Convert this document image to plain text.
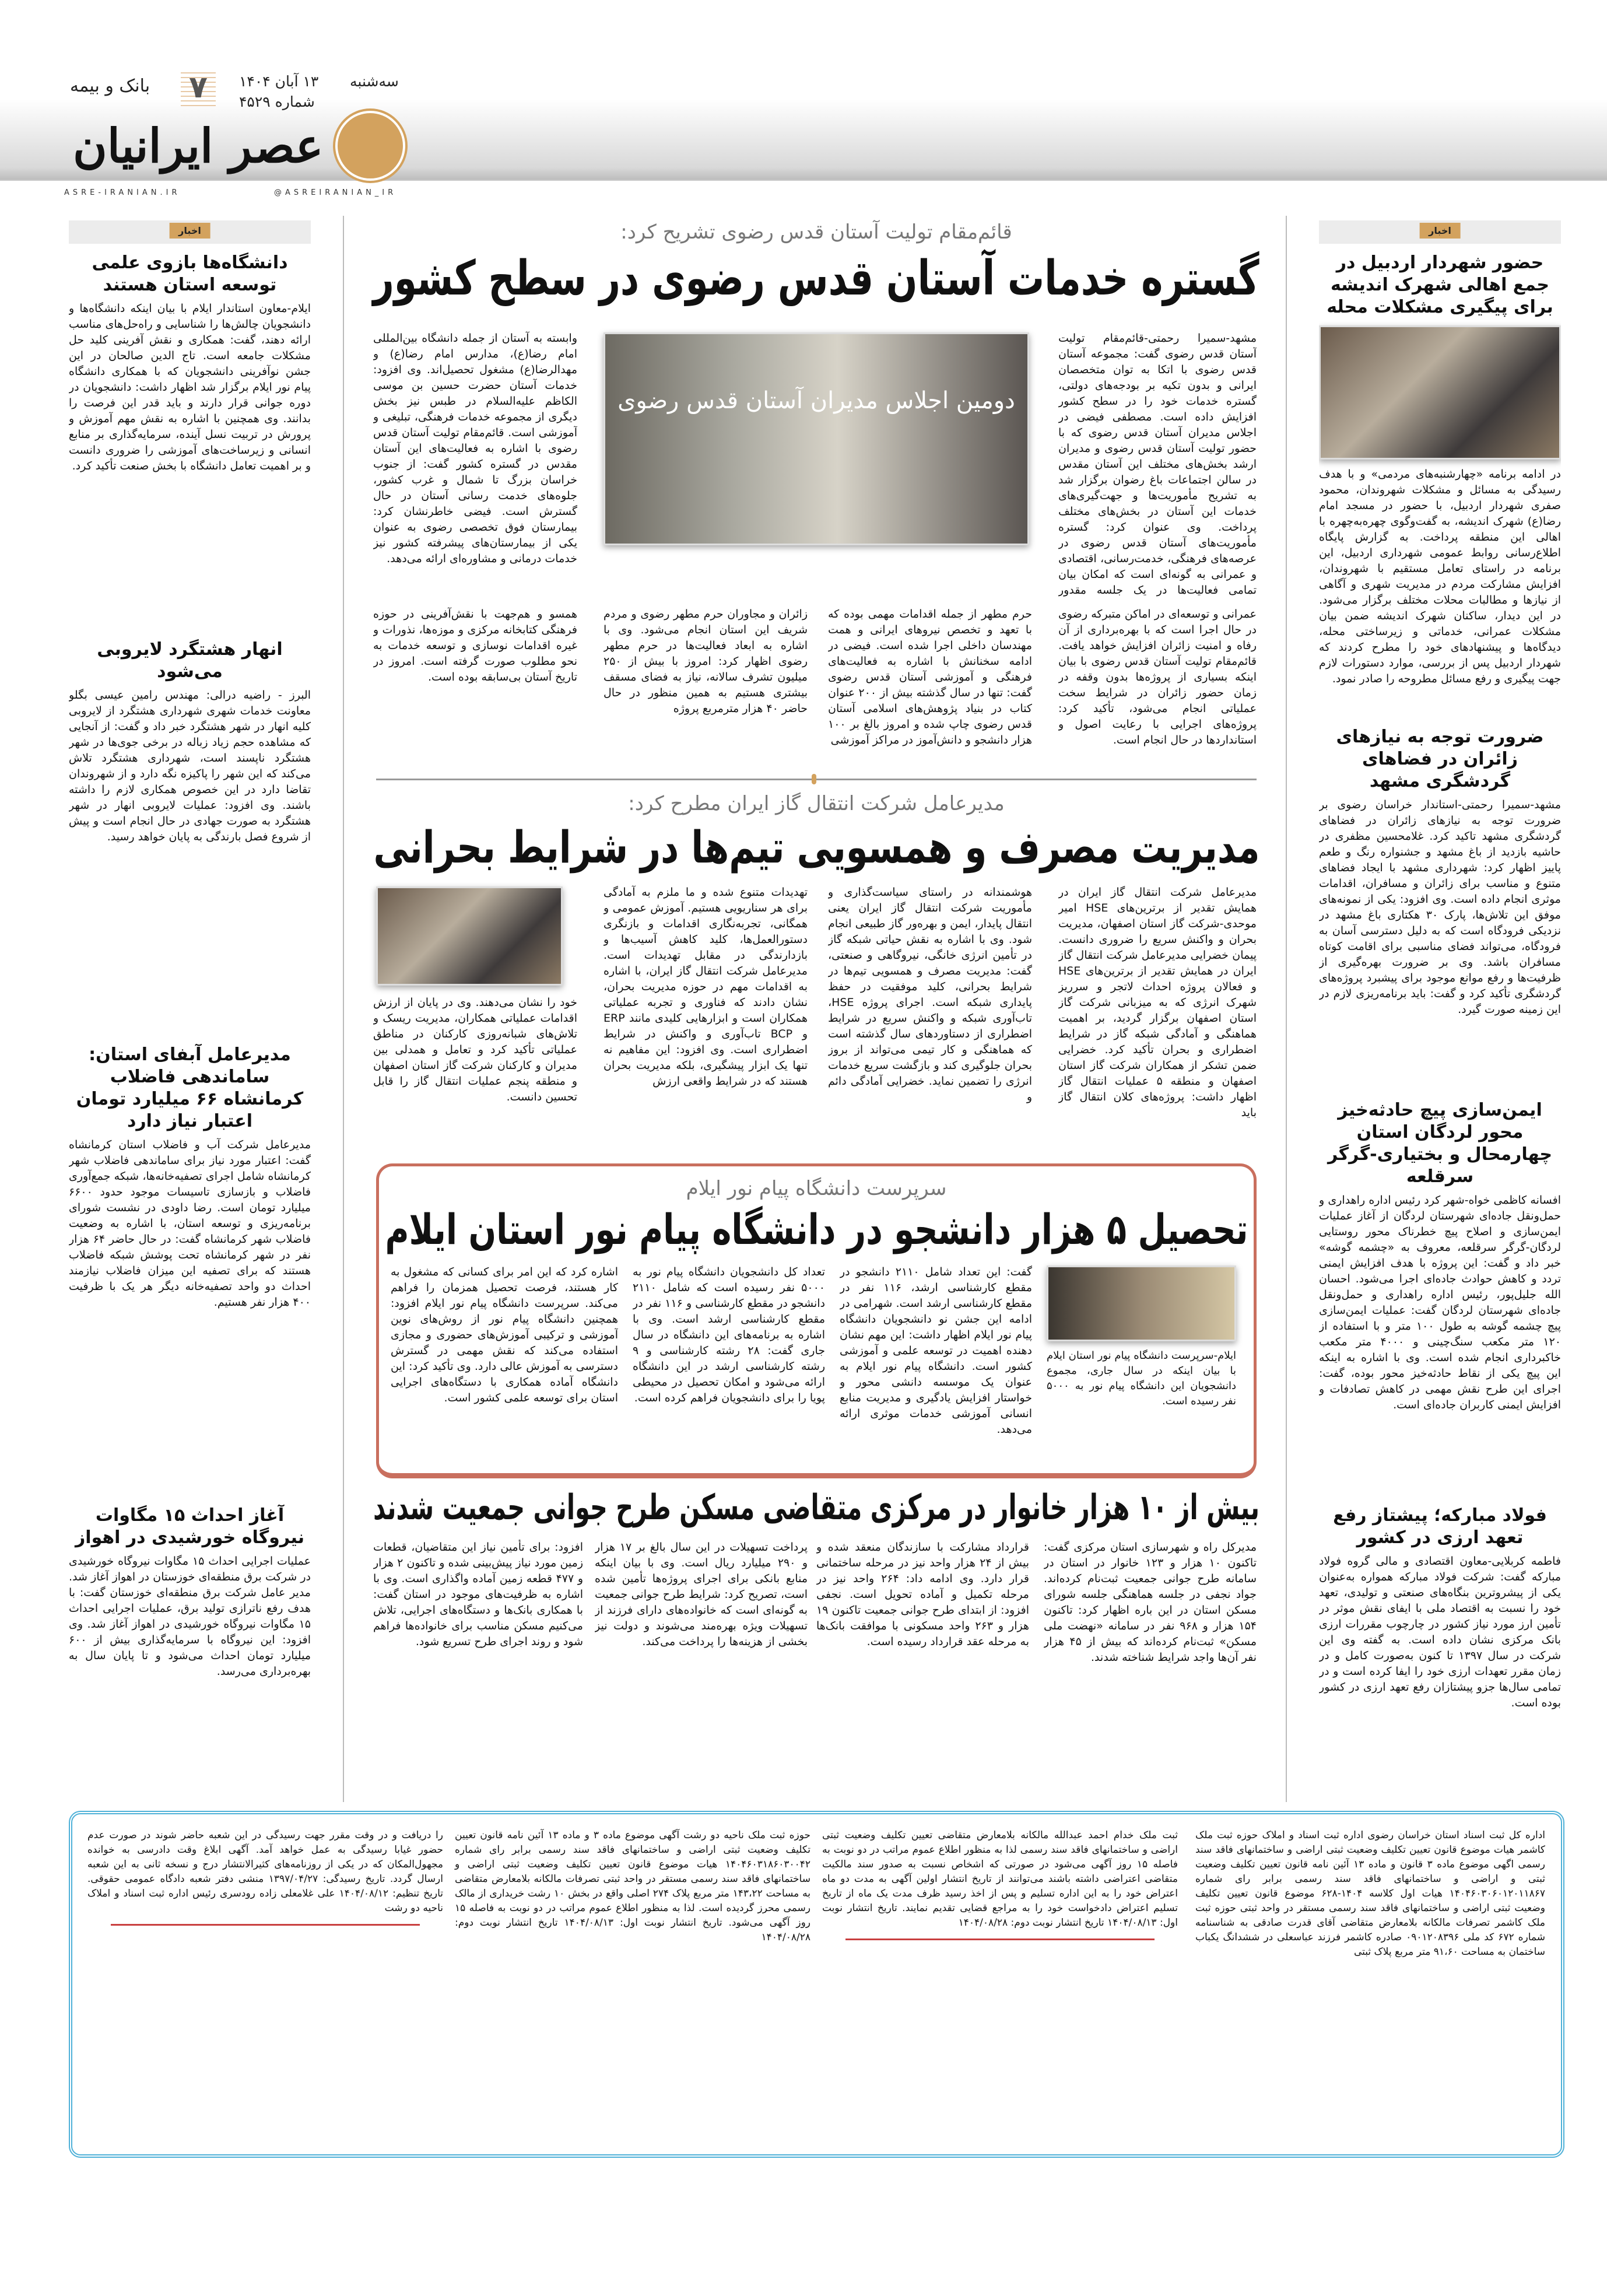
عصر ایرانیان
سه‌شنبه
۱۳ آبان ۱۴۰۴
شماره ۴۵۲۹
۷
بانک و بیمه
ASRE-IRANIAN.IR	@ASREIRANIAN_IR
اخبار
دانشگاه‌ها بازوی علمی توسعه استان هستند
ایلام-معاون استاندار ایلام با بیان اینکه دانشگاه‌ها و دانشجویان چالش‌ها را شناسایی و راه‌حل‌های مناسب ارائه دهند، گفت: همکاری و نقش آفرینی کلید حل مشکلات جامعه است. تاج الدین صالحان در این جشن نوآفرینی دانشجویان که با همکاری دانشگاه پیام نور ایلام برگزار شد اظهار داشت: دانشجویان در دوره جوانی قرار دارند و باید قدر این فرصت را بدانند. وی همچنین با اشاره به نقش مهم آموزش و پرورش در تربیت نسل آینده، سرمایه‌گذاری بر منابع انسانی و زیرساخت‌های آموزشی را ضروری دانست و بر اهمیت تعامل دانشگاه با بخش صنعت تأکید کرد.
انهار هشتگرد لایروبی می‌شود
البرز - راضیه درالی: مهندس رامین عیسی بگلو معاونت خدمات شهری شهرداری هشتگرد از لایروبی کلیه انهار در شهر هشتگرد خبر داد و گفت: از آنجایی که مشاهده حجم زیاد زباله در برخی جوی‌ها در شهر هشتگرد ناپسند است، شهرداری هشتگرد تلاش می‌کند که این شهر را پاکیزه نگه دارد و از شهروندان تقاضا دارد در این خصوص همکاری لازم را داشته باشند. وی افزود: عملیات لایروبی انهار در شهر هشتگرد به صورت جهادی در حال انجام است و پیش از شروع فصل بارندگی به پایان خواهد رسید.
مدیرعامل آبفای استان: ساماندهی فاضلاب کرمانشاه ۶۶ میلیارد تومان اعتبار نیاز دارد
مدیرعامل شرکت آب و فاضلاب استان کرمانشاه گفت: اعتبار مورد نیاز برای ساماندهی فاضلاب شهر کرمانشاه شامل اجرای تصفیه‌خانه‌ها، شبکه جمع‌آوری فاضلاب و بازسازی تاسیسات موجود حدود ۶۶۰۰ میلیارد تومان است. رضا داودی در نشست شورای برنامه‌ریزی و توسعه استان، با اشاره به وضعیت فاضلاب شهر کرمانشاه گفت: در حال حاضر ۶۴ هزار نفر در شهر کرمانشاه تحت پوشش شبکه فاضلاب هستند که برای تصفیه این میزان فاضلاب نیازمند احداث دو واحد تصفیه‌خانه دیگر هر یک با ظرفیت ۴۰۰ هزار نفر هستیم.
آغاز احداث ۱۵ مگاوات نیروگاه خورشیدی در اهواز
عملیات اجرایی احداث ۱۵ مگاوات نیروگاه خورشیدی در شرکت برق منطقه‌ای خوزستان در اهواز آغاز شد. مدیر عامل شرکت برق منطقه‌ای خوزستان گفت: با هدف رفع ناترازی تولید برق، عملیات اجرایی احداث ۱۵ مگاوات نیروگاه خورشیدی در اهواز آغاز شد. وی افزود: این نیروگاه با سرمایه‌گذاری بیش از ۶۰۰ میلیارد تومان احداث می‌شود و تا پایان سال به بهره‌برداری می‌رسد.
اخبار
حضور شهردار اردبیل در جمع اهالی شهرک اندیشه برای پیگیری مشکلات محله
در ادامه برنامه «چهارشنبه‌های مردمی» و با هدف رسیدگی به مسائل و مشکلات شهروندان، محمود صفری شهردار اردبیل، با حضور در مسجد امام رضا(ع) شهرک اندیشه، به گفت‌وگوی چهره‌به‌چهره با اهالی این منطقه پرداخت. به گزارش پایگاه اطلاع‌رسانی روابط عمومی شهرداری اردبیل، این برنامه در راستای تعامل مستقیم با شهروندان، افزایش مشارکت مردم در مدیریت شهری و آگاهی از نیازها و مطالبات محلات مختلف برگزار می‌شود. در این دیدار، ساکنان شهرک اندیشه ضمن بیان مشکلات عمرانی، خدماتی و زیرساختی محله، دیدگاه‌ها و پیشنهادهای خود را مطرح کردند که شهردار اردبیل پس از بررسی، موارد دستورات لازم جهت پیگیری و رفع مسائل مطروحه را صادر نمود.
ضرورت توجه به نیازهای زائران در فضاهای گردشگری مشهد
مشهد-سمیرا رحمتی-استاندار خراسان رضوی بر ضرورت توجه به نیازهای زائران در فضاهای گردشگری مشهد تاکید کرد. غلامحسین مظفری در حاشیه بازدید از باغ مشهد و جشنواره رنگ و طعم پاییز اظهار کرد: شهرداری مشهد با ایجاد فضاهای متنوع و مناسب برای زائران و مسافران، اقدامات موثری انجام داده است. وی افزود: یکی از نمونه‌های موفق این تلاش‌ها، پارک ۳۰ هکتاری باغ مشهد در نزدیکی فرودگاه است که به دلیل دسترسی آسان به فرودگاه، می‌تواند فضای مناسبی برای اقامت کوتاه مسافران باشد. وی بر ضرورت بهره‌گیری از ظرفیت‌ها و رفع موانع موجود برای پیشبرد پروژه‌های گردشگری تأکید کرد و گفت: باید برنامه‌ریزی لازم در این زمینه صورت گیرد.
ایمن‌سازی پیچ حادثه‌خیز محور لردگان استان چهارمحال و بختیاری-گرگر سرقلعه
افسانه کاظمی خواه-شهر کرد رئیس اداره راهداری و حمل‌ونقل جاده‌ای شهرستان لردگان از آغاز عملیات ایمن‌سازی و اصلاح پیچ خطرناک محور روستایی لردگان-گرگر سرقلعه، معروف به «چشمه گوشه» خبر داد و گفت: این پروژه با هدف افزایش ایمنی تردد و کاهش حوادث جاده‌ای اجرا می‌شود. احسان الله جلیل‌پور، رئیس اداره راهداری و حمل‌ونقل جاده‌ای شهرستان لردگان گفت: عملیات ایمن‌سازی پیچ چشمه گوشه به طول ۱۰۰ متر و با استفاده از ۱۲۰ متر مکعب سنگ‌چینی و ۴۰۰۰ متر مکعب خاکبرداری انجام شده است. وی با اشاره به اینکه این پیچ یکی از نقاط حادثه‌خیز محور بوده، گفت: اجرای این طرح نقش مهمی در کاهش تصادفات و افزایش ایمنی کاربران جاده‌ای است.
فولاد مبارکه؛ پیشتاز رفع تعهد ارزی در کشور
فاطمه کربلایی-معاون اقتصادی و مالی گروه فولاد مبارکه گفت: شرکت فولاد مبارکه همواره به‌عنوان یکی از پیشروترین بنگاه‌های صنعتی و تولیدی، تعهد خود را نسبت به اقتصاد ملی با ایفای نقش موثر در تأمین ارز مورد نیاز کشور در چارچوب مقررات ارزی بانک مرکزی نشان داده است. به گفته وی این شرکت در سال ۱۳۹۷ تا کنون به‌صورت کامل و در زمان مقرر تعهدات ارزی خود را ایفا کرده است و در تمامی سال‌ها جزو پیشتازان رفع تعهد ارزی در کشور بوده است.
قائم‌مقام تولیت آستان قدس رضوی تشریح کرد:
گستره خدمات آستان قدس رضوی در سطح کشور
مشهد-سمیرا رحمتی-قائم‌مقام تولیت آستان قدس رضوی گفت: مجموعه آستان قدس رضوی با اتکا به توان متخصصان ایرانی و بدون تکیه بر بودجه‌های دولتی، گستره خدمات خود را در سطح کشور افزایش داده است. مصطفی فیضی در اجلاس مدیران آستان قدس رضوی که با حضور تولیت آستان قدس رضوی و مدیران ارشد بخش‌های مختلف این آستان مقدس در سالن اجتماعات باغ رضوان برگزار شد به تشریح مأموریت‌ها و جهت‌گیری‌های خدمات این آستان در بخش‌های مختلف پرداخت. وی عنوان کرد: گستره مأموریت‌های آستان قدس رضوی در عرصه‌های فرهنگی، خدمت‌رسانی، اقتصادی و عمرانی به گونه‌ای است که امکان بیان تمامی فعالیت‌ها در یک جلسه مقدور
دومین اجلاس مدیران آستان قدس رضوی
وابسته به آستان از جمله دانشگاه بین‌المللی امام رضا(ع)، مدارس امام رضا(ع) و مهدالرضا(ع) مشغول تحصیل‌اند. وی افزود: خدمات آستان حضرت حسین بن موسی الکاظم علیه‌السلام در طبس نیز بخش دیگری از مجموعه خدمات فرهنگی، تبلیغی و آموزشی است. قائم‌مقام تولیت آستان قدس رضوی با اشاره به فعالیت‌های این آستان مقدس در گستره کشور گفت: از جنوب خراسان بزرگ تا شمال و غرب کشور، جلوه‌های خدمت رسانی آستان در حال گسترش است. فیضی خاطرنشان کرد: بیمارستان فوق تخصصی رضوی به عنوان یکی از بیمارستان‌های پیشرفته کشور نیز خدمات درمانی و مشاوره‌ای ارائه می‌دهد.
عمرانی و توسعه‌ای در اماکن متبرکه رضوی در حال اجرا است که با بهره‌برداری از آن رفاه و امنیت زائران افزایش خواهد یافت. قائم‌مقام تولیت آستان قدس رضوی با بیان اینکه بسیاری از پروژه‌ها بدون وقفه در زمان حضور زائران در شرایط سخت عملیاتی انجام می‌شود، تأکید کرد: پروژه‌های اجرایی با رعایت اصول و استانداردها در حال انجام است.
حرم مطهر از جمله اقدامات مهمی بوده که با تعهد و تخصص نیروهای ایرانی و همت مهندسان داخلی اجرا شده است. فیضی در ادامه سخنانش با اشاره به فعالیت‌های فرهنگی و آموزشی آستان قدس رضوی گفت: تنها در سال گذشته بیش از ۲۰۰ عنوان کتاب در بنیاد پژوهش‌های اسلامی آستان قدس رضوی چاپ شده و امروز بالغ بر ۱۰۰ هزار دانشجو و دانش‌آموز در مراکز آموزشی
زائران و مجاوران حرم مطهر رضوی و مردم شریف این استان انجام می‌شود. وی با اشاره به ابعاد فعالیت‌ها در حرم مطهر رضوی اظهار کرد: امروز با بیش از ۲۵۰ میلیون تشرف سالانه، نیاز به فضای مسقف بیشتری هستیم به همین منظور در حال حاضر ۴۰ هزار مترمربع پروژه
همسو و هم‌جهت با نقش‌آفرینی در حوزه فرهنگی کتابخانه مرکزی و موزه‌ها، نذورات و غیره اقدامات نوسازی و توسعه خدمات به نحو مطلوب صورت گرفته است. امروز در تاریخ آستان بی‌سابقه بوده است.
مدیرعامل شرکت انتقال گاز ایران مطرح کرد:
مدیریت مصرف و همسویی تیم‌ها در شرایط بحرانی
مدیرعامل شرکت انتقال گاز ایران در همایش تقدیر از برترین‌های HSE امیر موحدی-شرکت گاز استان اصفهان، مدیریت بحران و واکنش سریع را ضروری دانست. پیمان خضرایی مدیرعامل شرکت انتقال گاز ایران در همایش تقدیر از برترین‌های HSE و فعالان پروژه احداث لاتجر و سرریز شهرک انرژی که به میزبانی شرکت گاز استان اصفهان برگزار گردید، بر اهمیت هماهنگی و آمادگی شبکه گاز در شرایط اضطراری و بحران تأکید کرد. خضرایی ضمن تشکر از همکاران شرکت گاز استان اصفهان و منطقه ۵ عملیات انتقال گاز اظهار داشت: پروژه‌های کلان انتقال گاز باید
هوشمندانه در راستای سیاست‌گذاری و مأموریت شرکت انتقال گاز ایران یعنی انتقال پایدار، ایمن و بهره‌ور گاز طبیعی انجام شود. وی با اشاره به نقش حیاتی شبکه گاز در تأمین انرژی خانگی، نیروگاهی و صنعتی، گفت: مدیریت مصرف و همسویی تیم‌ها در شرایط بحرانی، کلید موفقیت در حفظ پایداری شبکه است. اجرای پروژه HSE، تاب‌آوری شبکه و واکنش سریع در شرایط اضطراری از دستاوردهای سال گذشته است که هماهنگی و کار تیمی می‌تواند از بروز بحران جلوگیری کند و بازگشت سریع خدمات انرژی را تضمین نماید. خضرایی آمادگی دائم و
تهدیدات متنوع شده و ما ملزم به آمادگی برای هر سناریویی هستیم. آموزش عمومی و همگانی، تجربه‌نگاری اقدامات و بازنگری دستورالعمل‌ها، کلید کاهش آسیب‌ها و بازدارندگی در مقابل تهدیدات است. مدیرعامل شرکت انتقال گاز ایران، با اشاره به اقدامات مهم در حوزه مدیریت بحران، نشان دادند که فناوری و تجربه عملیاتی همکاران است و ابزارهایی کلیدی مانند ERP و BCP تاب‌آوری و واکنش در شرایط اضطراری است. وی افزود: این مفاهیم نه تنها یک ابزار پیشگیری، بلکه مدیریت بحران هستند که در شرایط واقعی ارزش
خود را نشان می‌دهند. وی در پایان از ارزش اقدامات عملیاتی همکاران، مدیریت ریسک و تلاش‌های شبانه‌روزی کارکنان در مناطق عملیاتی تأکید کرد و تعامل و همدلی بین مدیران و کارکنان شرکت گاز استان اصفهان و منطقه پنجم عملیات انتقال گاز را قابل تحسین دانست.
سرپرست دانشگاه پیام نور ایلام
تحصیل ۵ هزار دانشجو در دانشگاه پیام نور استان ایلام
ایلام-سرپرست دانشگاه پیام نور استان ایلام با بیان اینکه در سال جاری، مجموع دانشجویان این دانشگاه پیام نور به ۵۰۰۰ نفر رسیده است.
گفت: این تعداد شامل ۲۱۱۰ دانشجو در مقطع کارشناسی ارشد، ۱۱۶ نفر در مقطع کارشناسی ارشد است. شهرامی در ادامه این جشن نو دانشجویان دانشگاه پیام نور ایلام اظهار داشت: این مهم نشان دهنده اهمیت در توسعه علمی و آموزشی کشور است. دانشگاه پیام نور ایلام به عنوان یک موسسه دانشی محور و خواستار افزایش یادگیری و مدیریت منابع انسانی آموزشی خدمات موثری ارائه می‌دهد.
تعداد کل دانشجویان دانشگاه پیام نور به ۵۰۰۰ نفر رسیده است که شامل ۲۱۱۰ دانشجو در مقطع کارشناسی و ۱۱۶ نفر در مقطع کارشناسی ارشد است. وی با اشاره به برنامه‌های این دانشگاه در سال جاری گفت: ۲۸ رشته کارشناسی و ۹ رشته کارشناسی ارشد در این دانشگاه ارائه می‌شود و امکان تحصیل در محیطی پویا را برای دانشجویان فراهم کرده است.
اشاره کرد که این امر برای کسانی که مشغول به کار هستند، فرصت تحصیل همزمان را فراهم می‌کند. سرپرست دانشگاه پیام نور ایلام افزود: همچنین دانشگاه پیام نور از روش‌های نوین آموزشی و ترکیبی آموزش‌های حضوری و مجازی استفاده می‌کند که نقش مهمی در گسترش دسترسی به آموزش عالی دارد. وی تأکید کرد: این دانشگاه آماده همکاری با دستگاه‌های اجرایی استان برای توسعه علمی کشور است.
بیش از ۱۰ هزار خانوار در مرکزی متقاضی مسکن طرح جوانی جمعیت شدند
مدیرکل راه و شهرسازی استان مرکزی گفت: تاکنون ۱۰ هزار و ۱۲۳ خانوار در استان در سامانه طرح جوانی جمعیت ثبت‌نام کرده‌اند. جواد نجفی در جلسه هماهنگی جلسه شورای مسکن استان در این باره اظهار کرد: تاکنون ۱۵۴ هزار و ۹۶۸ نفر در سامانه «نهضت ملی مسکن» ثبت‌نام کرده‌اند که بیش از ۴۵ هزار نفر آن‌ها واجد شرایط شناخته شدند.
قرارداد مشارکت با سازندگان منعقد شده و بیش از ۲۴ هزار واحد نیز در مرحله ساختمانی قرار دارد. وی ادامه داد: ۲۶۴ واحد نیز در مرحله تکمیل و آماده تحویل است. نجفی افزود: از ابتدای طرح جوانی جمعیت تاکنون ۱۹ هزار و ۲۶۳ واحد مسکونی با موافقت بانک‌ها به مرحله عقد قرارداد رسیده است.
پرداخت تسهیلات در این سال بالغ بر ۱۷ هزار و ۲۹۰ میلیارد ریال است. وی با بیان اینکه منابع بانکی برای اجرای پروژه‌ها تأمین شده است، تصریح کرد: شرایط طرح جوانی جمعیت به گونه‌ای است که خانواده‌های دارای فرزند از تسهیلات ویژه بهره‌مند می‌شوند و دولت نیز بخشی از هزینه‌ها را پرداخت می‌کند.
افزود: برای تأمین نیاز این متقاضیان، قطعات زمین مورد نیاز پیش‌بینی شده و تاکنون ۲ هزار و ۴۷۷ قطعه زمین آماده واگذاری است. وی با اشاره به ظرفیت‌های موجود در استان گفت: با همکاری بانک‌ها و دستگاه‌های اجرایی، تلاش می‌کنیم مسکن مناسب برای خانواده‌ها فراهم شود و روند اجرای طرح تسریع شود.
اداره کل ثبت اسناد استان خراسان رضوی اداره ثبت اسناد و املاک حوزه ثبت ملک کاشمر هیات موضوع قانون تعیین تکلیف وضعیت ثبتی اراضی و ساختمانهای فاقد سند رسمی اگهی موضوع ماده ۳ قانون و ماده ۱۳ آئین نامه قانون تعیین تکلیف وضعیت ثبتی و اراضی و ساختمانهای فاقد سند رسمی برابر رای شماره ۱۴۰۴۶۰۳۰۶۰۱۲۰۱۱۸۶۷ هیات اول کلاسه ۱۴۰۴-۶۲۸ موضوع قانون تعیین تکلیف وضعیت ثبتی اراضی و ساختمانهای فاقد سند رسمی مستقر در واحد ثبتی حوزه ثبت ملک کاشمر تصرفات مالکانه بلامعارض متقاضی آقای قدرت صادقی به شناسنامه شماره ۶۷۲ کد ملی ۰۹۰۱۲۰۸۳۹۶ صادره کاشمر فرزند عباسعلی در ششدانگ یکباب ساختمان به مساحت ۹۱،۶۰ متر مربع پلاک ثبتی
ثبت ملک خدام احمد عبدالله مالکانه بلامعارض متقاضی تعیین تکلیف وضعیت ثبتی اراضی و ساختمانهای فاقد سند رسمی لذا به منظور اطلاع عموم مراتب در دو نوبت به فاصله ۱۵ روز آگهی می‌شود در صورتی که اشخاص نسبت به صدور سند مالکیت متقاضی اعتراضی داشته باشند می‌توانند از تاریخ انتشار اولین آگهی به مدت دو ماه اعتراض خود را به این اداره تسلیم و پس از اخذ رسید ظرف مدت یک ماه از تاریخ تسلیم اعتراض دادخواست خود را به مراجع قضایی تقدیم نمایند. تاریخ انتشار نوبت اول: ۱۴۰۴/۰۸/۱۳ تاریخ انتشار نوبت دوم: ۱۴۰۴/۰۸/۲۸
حوزه ثبت ملک ناحیه دو رشت آگهی موضوع ماده ۳ و ماده ۱۳ آئین نامه قانون تعیین تکلیف وضعیت ثبتی اراضی و ساختمانهای فاقد سند رسمی برابر رای شماره ۱۴۰۴۶۰۳۱۸۶۰۳۰۰۴۲ هیات موضوع قانون تعیین تکلیف وضعیت ثبتی اراضی و ساختمانهای فاقد سند رسمی مستقر در واحد ثبتی تصرفات مالکانه بلامعارض متقاضی به مساحت ۱۴۳،۲۲ متر مربع پلاک ۲۷۴ اصلی واقع در بخش ۱۰ رشت خریداری از مالک رسمی محرز گردیده است. لذا به منظور اطلاع عموم مراتب در دو نوبت به فاصله ۱۵ روز آگهی می‌شود. تاریخ انتشار نوبت اول: ۱۴۰۴/۰۸/۱۳ تاریخ انتشار نوبت دوم: ۱۴۰۴/۰۸/۲۸
را دریافت و در وقت مقرر جهت رسیدگی در این شعبه حاضر شوند در صورت عدم حضور غیابا رسیدگی به عمل خواهد آمد. آگهی ابلاغ وقت دادرسی به خوانده مجهول‌المکان که در یکی از روزنامه‌های کثیرالانتشار درج و نسخه ثانی به این شعبه ارسال گردد. تاریخ رسیدگی: ۱۳۹۷/۰۴/۲۷ منشی دفتر شعبه دادگاه عمومی حقوقی. تاریخ تنظیم: ۱۴۰۴/۰۸/۱۲ علی غلامعلی زاده رودسری رئیس اداره ثبت اسناد و املاک ناحیه دو رشت
